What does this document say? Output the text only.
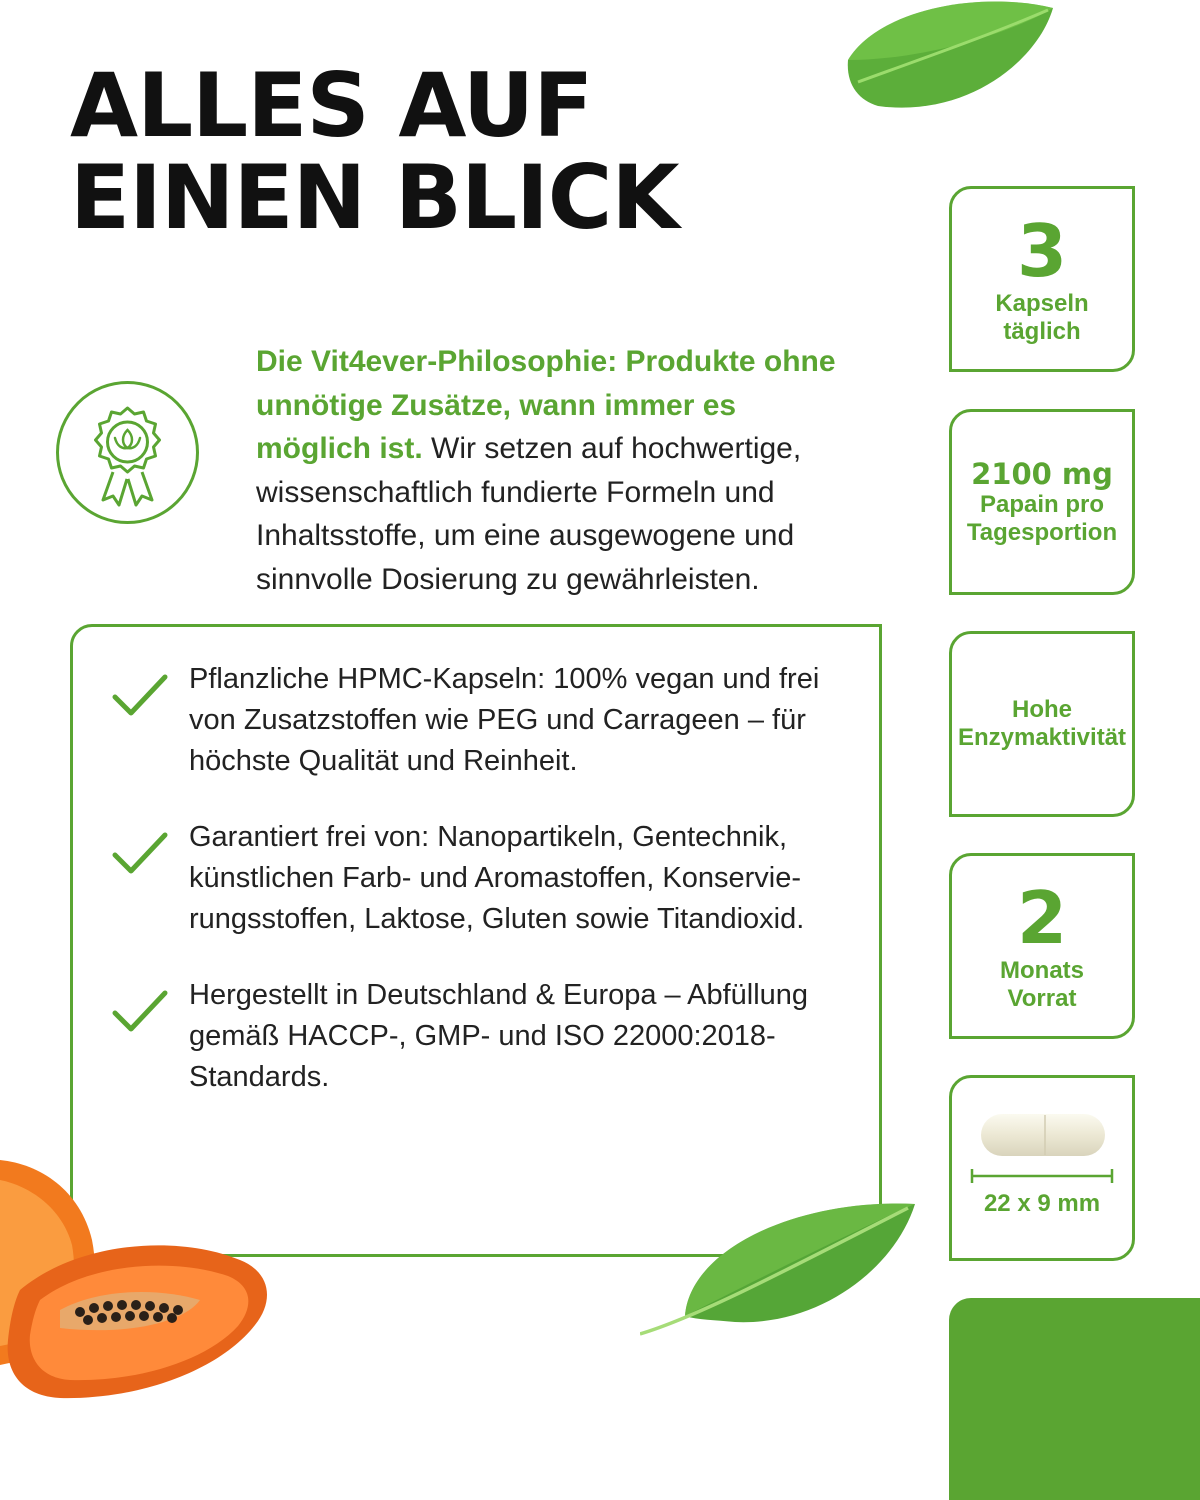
ALLES AUF
EINEN BLICK

Die Vit4ever-Philosophie: Produkte ohne unnötige Zusätze, wann immer es möglich ist. Wir setzen auf hochwertige, wissenschaftlich fundierte Formeln und Inhaltsstoffe, um eine ausgewogene und sinnvolle Dosierung zu gewährleisten.

Pflanzliche HPMC-Kapseln: 100% vegan und frei von Zusatzstoffen wie PEG und Carrageen – für höchste Qualität und Reinheit.
Garantiert frei von: Nanopartikeln, Gentechnik, künstlichen Farb- und Aromastoffen, Konservie-rungsstoffen, Laktose, Gluten sowie Titandioxid.
Hergestellt in Deutschland & Europa – Abfüllung gemäß HACCP-, GMP- und ISO 22000:2018-Standards.
3
Kapseln
täglich
2100 mg
Papain pro
Tagesportion
Hohe
Enzymaktivität
2
Monats
Vorrat
22 x 9 mm
